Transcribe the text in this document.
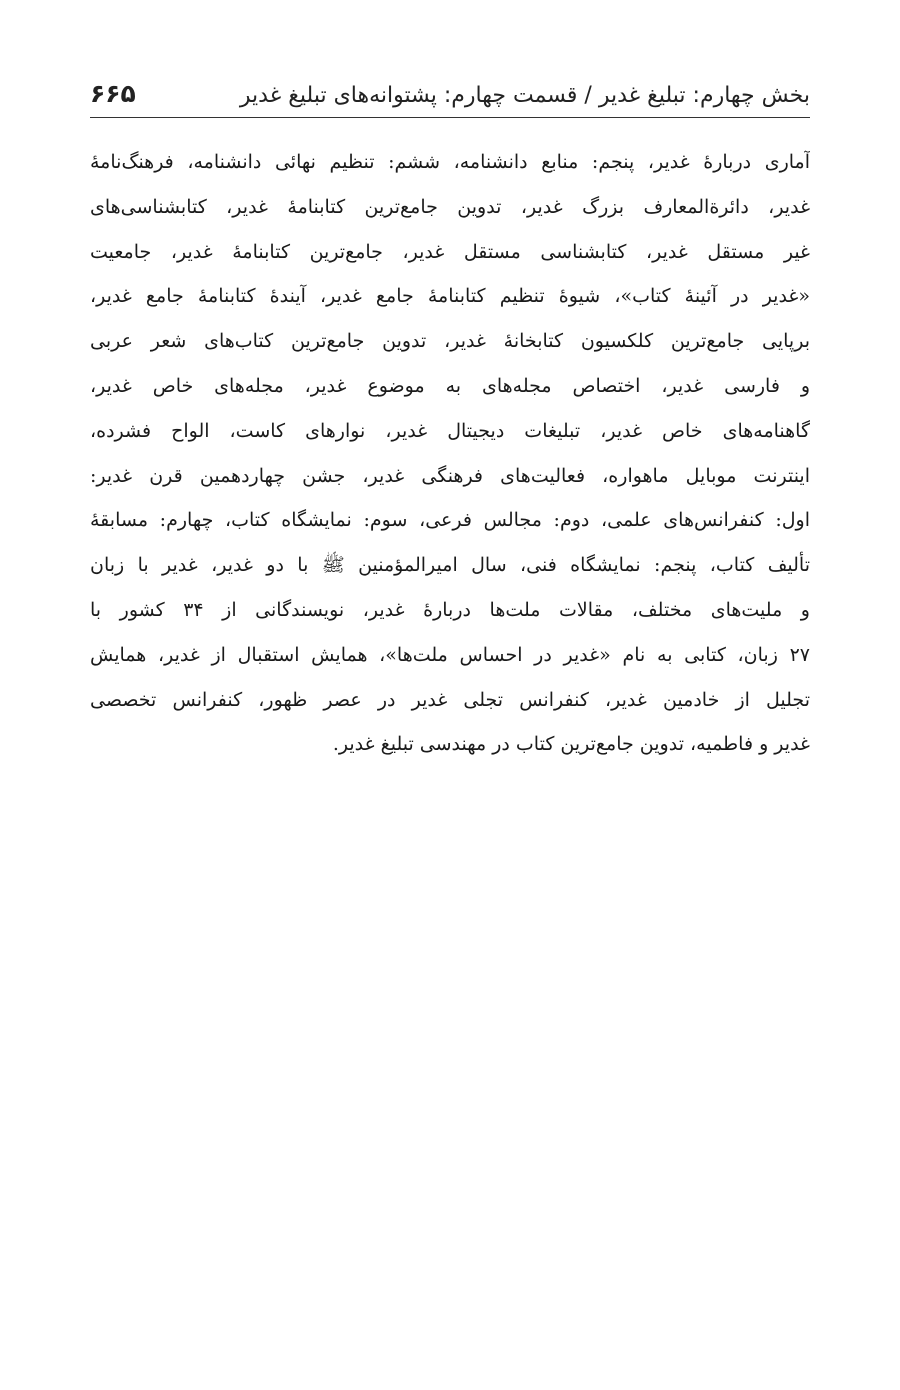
بخش چهارم: تبلیغ غدیر / قسمت چهارم: پشتوانه‌های تبلیغ غدیر
۶۶۵
آماری دربارۀ غدیر، پنجم: منابع دانشنامه، ششم: تنظیم نهائی دانشنامه، فرهنگ‌نامۀ
غدیر، دائرةالمعارف بزرگ غدیر، تدوین جامع‌ترین کتابنامۀ غدیر، کتابشناسی‌های
غیر مستقل غدیر، کتابشناسی مستقل غدیر، جامع‌ترین کتابنامۀ غدیر، جامعیت
«غدیر در آئینۀ کتاب»، شیوۀ تنظیم کتابنامۀ جامع غدیر، آیندۀ کتابنامۀ جامع غدیر،
برپایی جامع‌ترین کلکسیون کتابخانۀ غدیر، تدوین جامع‌ترین کتاب‌های شعر عربی
و فارسی غدیر، اختصاص مجله‌های به موضوع غدیر، مجله‌های خاص غدیر،
گاهنامه‌های خاص غدیر، تبلیغات دیجیتال غدیر، نوارهای کاست، الواح فشرده،
اینترنت موبایل ماهواره، فعالیت‌های فرهنگی غدیر، جشن چهاردهمین قرن غدیر:
اول: کنفرانس‌های علمی، دوم: مجالس فرعی، سوم: نمایشگاه کتاب، چهارم: مسابقۀ
تألیف کتاب، پنجم: نمایشگاه فنی، سال امیرالمؤمنین ﷺ با دو غدیر، غدیر با زبان
و ملیت‌های مختلف، مقالات ملت‌ها دربارۀ غدیر، نویسندگانی از ۳۴ کشور با
۲۷ زبان، کتابی به نام «غدیر در احساس ملت‌ها»، همایش استقبال از غدیر، همایش
تجلیل از خادمین غدیر، کنفرانس تجلی غدیر در عصر ظهور، کنفرانس تخصصی
غدیر و فاطمیه، تدوین جامع‌ترین کتاب در مهندسی تبلیغ غدیر.
